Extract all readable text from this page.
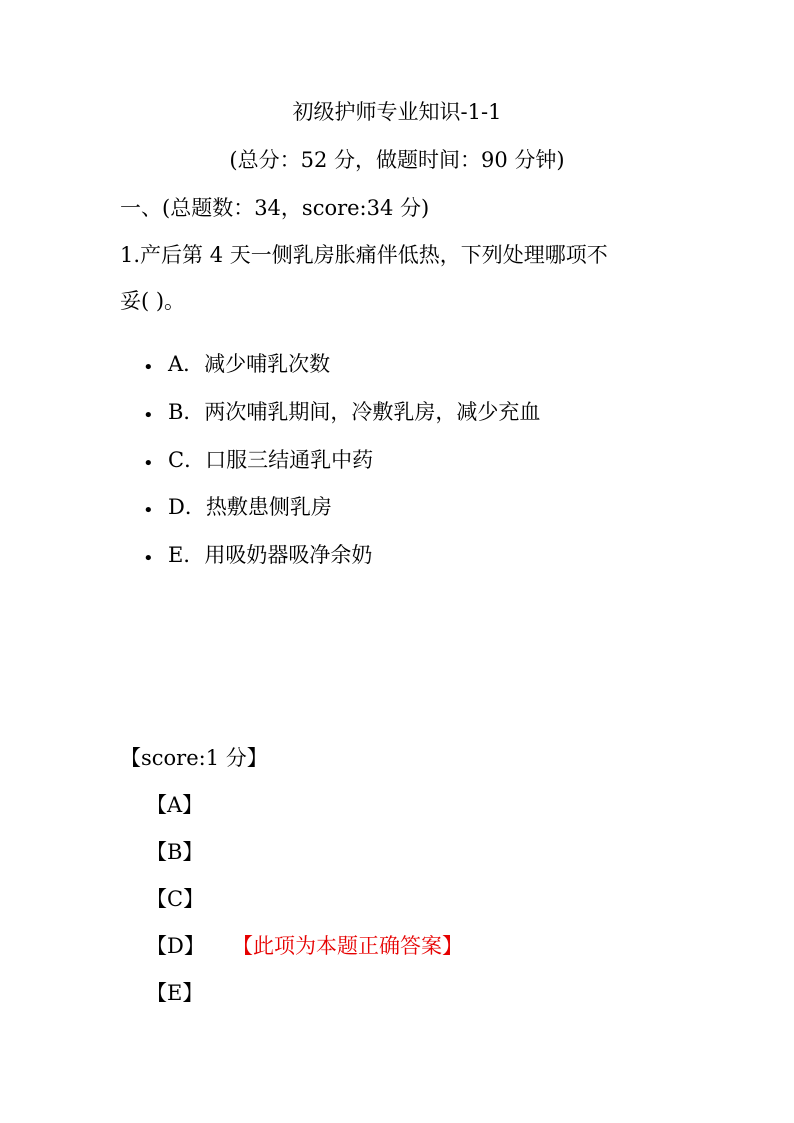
初级护师专业知识-1-1
(总分：52 分，做题时间：90 分钟)
一、(总题数：34，score:34 分)
1.产后第 4 天一侧乳房胀痛伴低热，下列处理哪项不
妥( )。
• A．减少哺乳次数
• B．两次哺乳期间，冷敷乳房，减少充血
• C．口服三结通乳中药
• D．热敷患侧乳房
• E．用吸奶器吸净余奶
【score:1 分】
【A】
【B】
【C】
【D】 【此项为本题正确答案】
【E】
